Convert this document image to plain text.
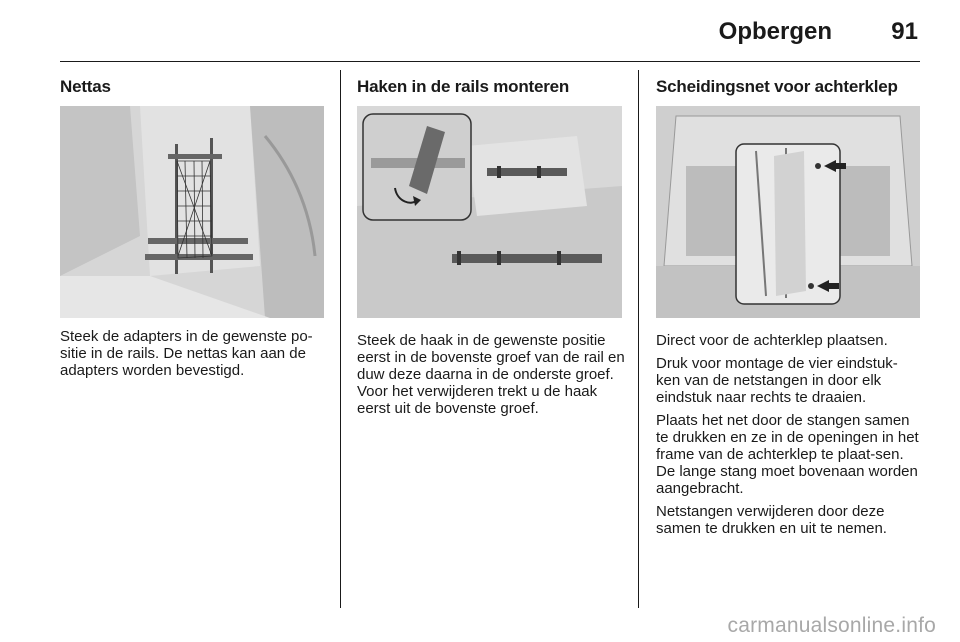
Opbergen 91
Nettas

Steek de adapters in de gewenste po-sitie in de rails. De nettas kan aan de adapters worden bevestigd.

Haken in de rails monteren

Steek de haak in de gewenste positie eerst in de bovenste groef van de rail en duw deze daarna in de onderste groef. Voor het verwijderen trekt u de haak eerst uit de bovenste groef.

Scheidingsnet voor achterklep

Direct voor de achterklep plaatsen.

Druk voor montage de vier eindstuk-ken van de netstangen in door elk eindstuk naar rechts te draaien.

Plaats het net door de stangen samen te drukken en ze in de openingen in het frame van de achterklep te plaat-sen. De lange stang moet bovenaan worden aangebracht.

Netstangen verwijderen door deze samen te drukken en uit te nemen.

carmanualsonline.info
